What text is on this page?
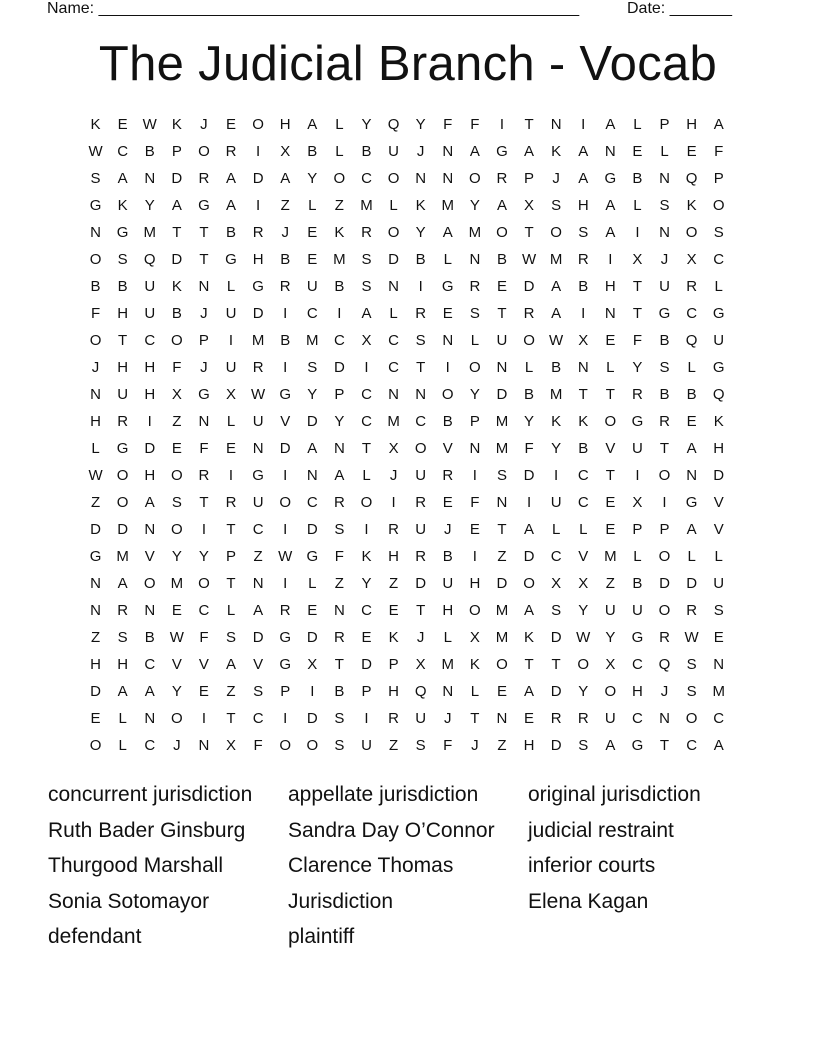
Name: ______________________________________________________	Date: _______
The Judicial Branch - Vocab
K	E	W	K	J	E	O	H	A	L	Y	Q	Y	F	F	I	T	N	I	A	L	P	H	A
W C	B	P	O	R	I	X	B	L	B	U	J	N	A	G	A	K	A	N	E	L	E	F
S	A	N	D	R	A	D	A	Y	O	C	O	N	N	O	R	P	J	A	G	B	N	Q	P
G	K	Y	A	G	A	I	Z	L	Z	M	L	K	M	Y	A	X	S	H	A	L	S	K	O
N	G	M	T	T	B	R	J	E	K	R	O	Y	A	M	O	T	O	S	A	I	N	O	S
O	S	Q	D	T	G	H	B	E	M	S	D	B	L	N	B	W M	R	I	X	J	X	C
B	B	U	K	N	L	G	R	U	B	S	N	I	G	R	E	D	A	B	H	T	U	R	L
F	H	U	B	J	U	D	I	C	I	A	L	R	E	S	T	R	A	I	N	T	G	C	G
O	T	C	O	P	I	M	B	M	C	X	C	S	N	L	U	O W	X	E	F	B	Q	U
J	H	H	F	J	U	R	I	S	D	I	C	T	I	O	N	L	B	N	L	Y	S	L	G
N	U	H	X	G	X	W G	Y	P	C	N	N	O	Y	D	B	M	T	T	R	B	B	Q
H	R	I	Z	N	L	U	V	D	Y	C	M	C	B	P	M	Y	K	K	O	G	R	E	K
L	G	D	E	F	E	N	D	A	N	T	X	O	V	N	M	F	Y	B	V	U	T	A	H
W O	H	O	R	I	G	I	N	A	L	J	U	R	I	S	D	I	C	T	I	O	N	D
Z	O	A	S	T	R	U	O	C	R	O	I	R	E	F	N	I	U	C	E	X	I	G	V
D	D	N	O	I	T	C	I	D	S	I	R	U	J	E	T	A	L	L	E	P	P	A	V
G	M	V	Y	Y	P	Z	W G	F	K	H	R	B	I	Z	D	C	V	M	L	O	L	L
N	A	O	M	O	T	N	I	L	Z	Y	Z	D	U	H	D	O	X	X	Z	B	D	D	U
N	R	N	E	C	L	A	R	E	N	C	E	T	H	O	M	A	S	Y	U	U	O	R	S
Z	S	B	W	F	S	D	G	D	R	E	K	J	L	X	M	K	D W	Y	G	R W	E
H	H	C	V	V	A	V	G	X	T	D	P	X	M	K	O	T	T	O	X	C	Q	S	N
D	A	A	Y	E	Z	S	P	I	B	P	H	Q	N	L	E	A	D	Y	O	H	J	S	M
E	L	N	O	I	T	C	I	D	S	I	R	U	J	T	N	E	R	R	U	C	N	O	C
O	L	C	J	N	X	F	O	O	S	U	Z	S	F	J	Z	H	D	S	A	G	T	C	A
concurrent jurisdiction	appellate jurisdiction	original jurisdiction
Ruth Bader Ginsburg	Sandra Day O’Connor	judicial restraint
Thurgood Marshall	Clarence Thomas	inferior courts
Sonia Sotomayor	Jurisdiction	Elena Kagan
defendant	plaintiff
